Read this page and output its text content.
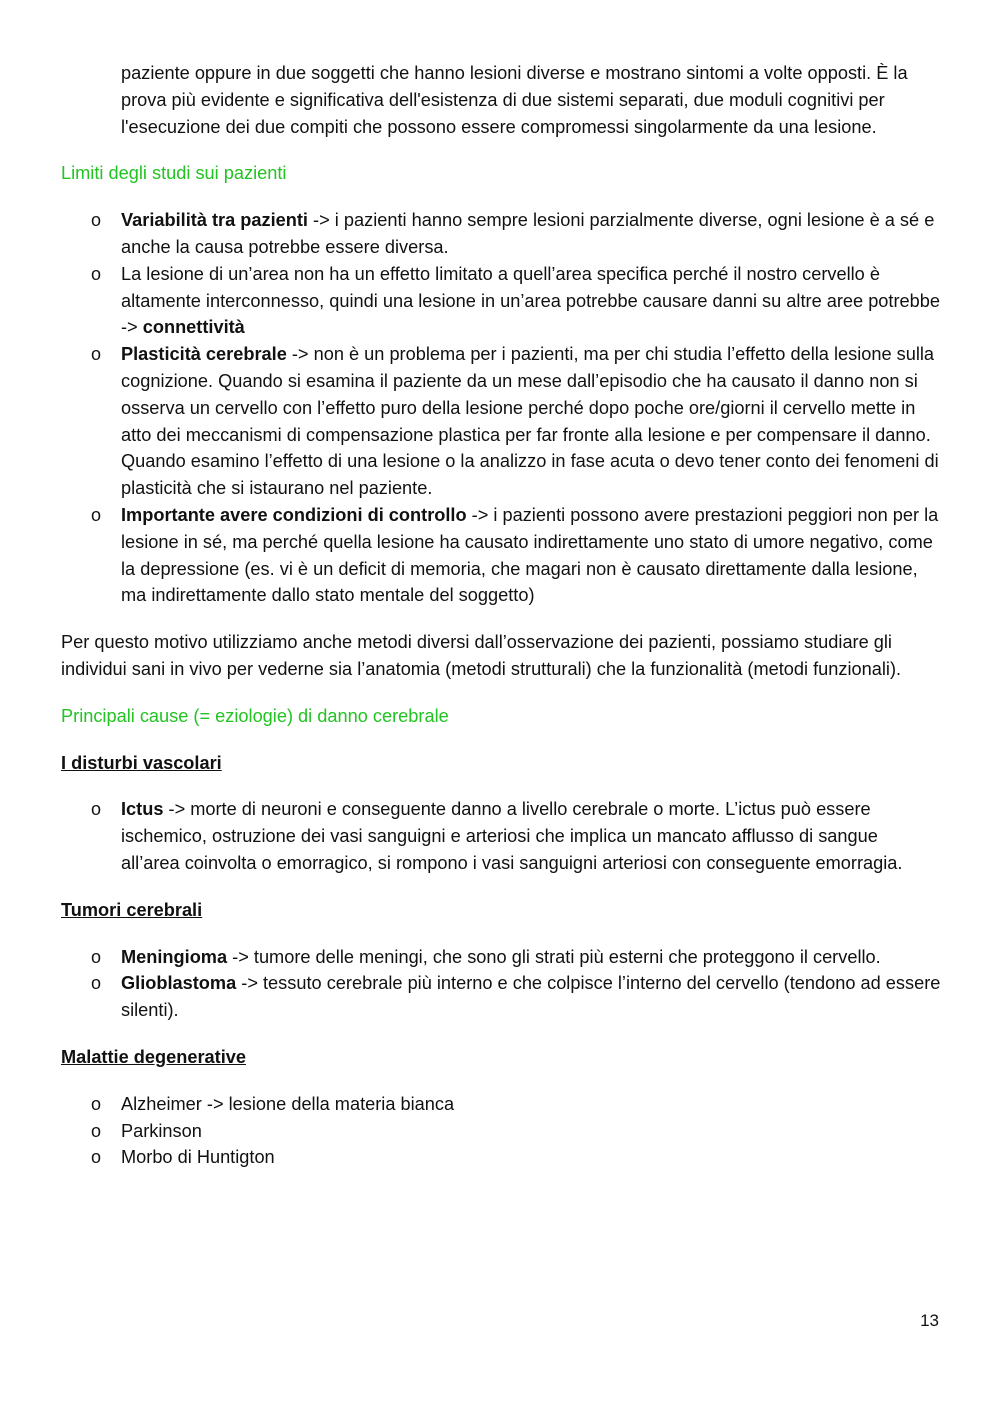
paziente oppure in due soggetti che hanno lesioni diverse e mostrano sintomi a volte opposti. È la prova più evidente e significativa dell'esistenza di due sistemi separati, due moduli cognitivi per l'esecuzione dei due compiti che possono essere compromessi singolarmente da una lesione.

Limiti degli studi sui pazienti

o	Variabilità tra pazienti -> i pazienti hanno sempre lesioni parzialmente diverse, ogni lesione è a sé e anche la causa potrebbe essere diversa.
o	La lesione di un’area non ha un effetto limitato a quell’area specifica perché il nostro cervello è altamente interconnesso, quindi una lesione in un’area potrebbe causare danni su altre aree potrebbe -> connettività
o	Plasticità cerebrale -> non è un problema per i pazienti, ma per chi studia l’effetto della lesione sulla cognizione. Quando si esamina il paziente da un mese dall’episodio che ha causato il danno non si osserva un cervello con l’effetto puro della lesione perché dopo poche ore/giorni il cervello mette in atto dei meccanismi di compensazione plastica per far fronte alla lesione e per compensare il danno. Quando esamino l’effetto di una lesione o la analizzo in fase acuta o devo tener conto dei fenomeni di plasticità che si istaurano nel paziente.
o	Importante avere condizioni di controllo -> i pazienti possono avere prestazioni peggiori non per la lesione in sé, ma perché quella lesione ha causato indirettamente uno stato di umore negativo, come la depressione (es. vi è un deficit di memoria, che magari non è causato direttamente dalla lesione, ma indirettamente dallo stato mentale del soggetto)

Per questo motivo utilizziamo anche metodi diversi dall’osservazione dei pazienti, possiamo studiare gli individui sani in vivo per vederne sia l’anatomia (metodi strutturali) che la funzionalità (metodi funzionali).

Principali cause (= eziologie) di danno cerebrale

I disturbi vascolari

o	Ictus -> morte di neuroni e conseguente danno a livello cerebrale o morte. L’ictus può essere ischemico, ostruzione dei vasi sanguigni e arteriosi che implica un mancato afflusso di sangue all’area coinvolta o emorragico, si rompono i vasi sanguigni arteriosi con conseguente emorragia.

Tumori cerebrali

o	Meningioma -> tumore delle meningi, che sono gli strati più esterni che proteggono il cervello.
o	Glioblastoma -> tessuto cerebrale più interno e che colpisce l’interno del cervello (tendono ad essere silenti).

Malattie degenerative

o	Alzheimer -> lesione della materia bianca
o	Parkinson
o	Morbo di Huntigton
13
